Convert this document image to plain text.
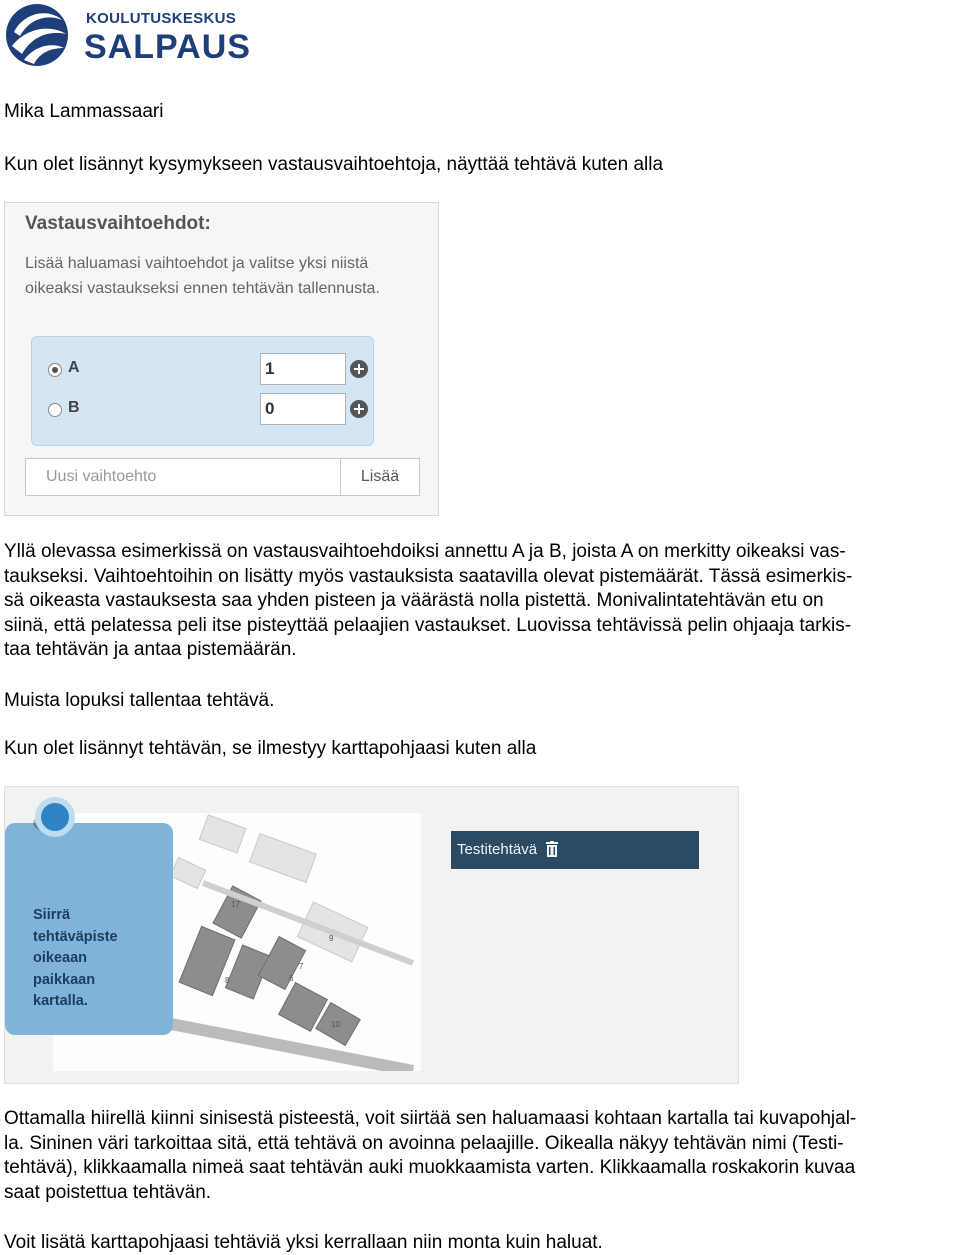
KOULUTUSKESKUS
SALPAUS

Mika Lammassaari

Kun olet lisännyt kysymykseen vastausvaihtoehtoja, näyttää tehtävä kuten alla

Vastausvaihtoehdot:
Lisää haluamasi vaihtoehdot ja valitse yksi niistä oikeaksi vastaukseksi ennen tehtävän tallennusta.
A	1
B	0
Uusi vaihtoehto	Lisää
Yllä olevassa esimerkissä on vastausvaihtoehdoiksi annettu A ja B, joista A on merkitty oikeaksi vas-
taukseksi. Vaihtoehtoihin on lisätty myös vastauksista saatavilla olevat pistemäärät. Tässä esimerkis-
sä oikeasta vastauksesta saa yhden pisteen ja väärästä nolla pistettä. Monivalintatehtävän etu on
siinä, että pelatessa peli itse pisteyttää pelaajien vastaukset. Luovissa tehtävissä pelin ohjaaja tarkis-
taa tehtävän ja antaa pistemäärän.

Muista lopuksi tallentaa tehtävä.

Kun olet lisännyt tehtävän, se ilmestyy karttapohjaasi kuten alla

17
9
7
6
8
10
Siirrä
tehtäväpiste
oikeaan
paikkaan
kartalla.
Testitehtävä
Ottamalla hiirellä kiinni sinisestä pisteestä, voit siirtää sen haluamaasi kohtaan kartalla tai kuvapohjal-
la. Sininen väri tarkoittaa sitä, että tehtävä on avoinna pelaajille. Oikealla näkyy tehtävän nimi (Testi-
tehtävä), klikkaamalla nimeä saat tehtävän auki muokkaamista varten. Klikkaamalla roskakorin kuvaa
saat poistettua tehtävän.

Voit lisätä karttapohjaasi tehtäviä yksi kerrallaan niin monta kuin haluat.
